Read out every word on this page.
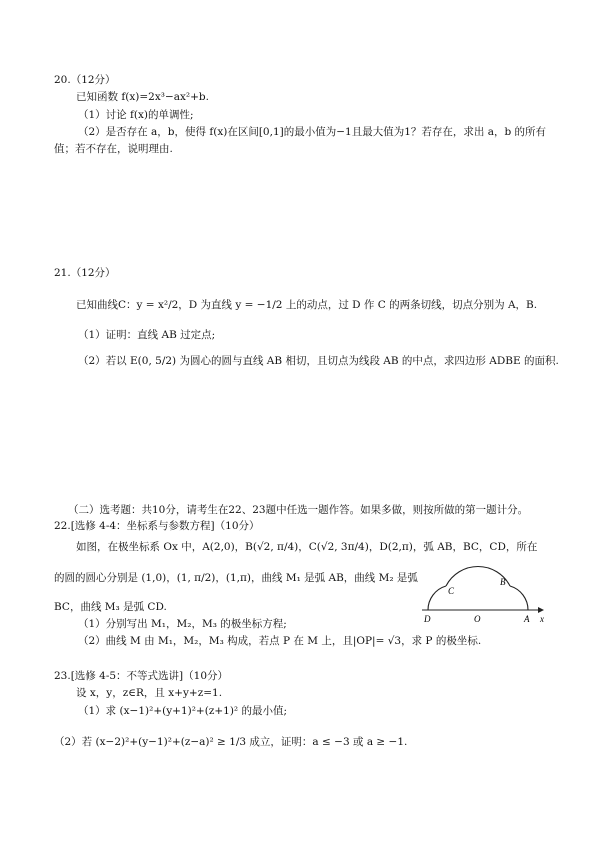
20.（12分）
已知函数 f(x)=2x³−ax²+b.
（1）讨论 f(x)的单调性;
（2）是否存在 a，b，使得 f(x)在区间[0,1]的最小值为−1且最大值为1？若存在，求出 a，b 的所有
值；若不存在，说明理由.
21.（12分）
已知曲线C：y = x²/2，D 为直线 y = −1/2 上的动点，过 D 作 C 的两条切线，切点分别为 A，B.
（1）证明：直线 AB 过定点;
（2）若以 E(0, 5/2) 为圆心的圆与直线 AB 相切，且切点为线段 AB 的中点，求四边形 ADBE 的面积.
（二）选考题：共10分，请考生在22、23题中任选一题作答。如果多做，则按所做的第一题计分。
22.[选修 4-4：坐标系与参数方程]（10分）
如图，在极坐标系 Ox 中，A(2,0)，B(√2, π/4)，C(√2, 3π/4)，D(2,π)，弧 AB，BC，CD，所在
的圆的圆心分别是 (1,0)，(1, π/2)，(1,π)，曲线 M₁ 是弧 AB，曲线 M₂ 是弧
BC，曲线 M₃ 是弧 CD.
（1）分别写出 M₁，M₂，M₃ 的极坐标方程;
（2）曲线 M 由 M₁，M₂，M₃ 构成，若点 P 在 M 上，且|OP|= √3，求 P 的极坐标.
D
C
O
B
A x
23.[选修 4-5：不等式选讲]（10分）
设 x，y，z∈R，且 x+y+z=1.
（1）求 (x−1)²+(y+1)²+(z+1)² 的最小值;
（2）若 (x−2)²+(y−1)²+(z−a)² ≥ 1/3 成立，证明：a ≤ −3 或 a ≥ −1.
